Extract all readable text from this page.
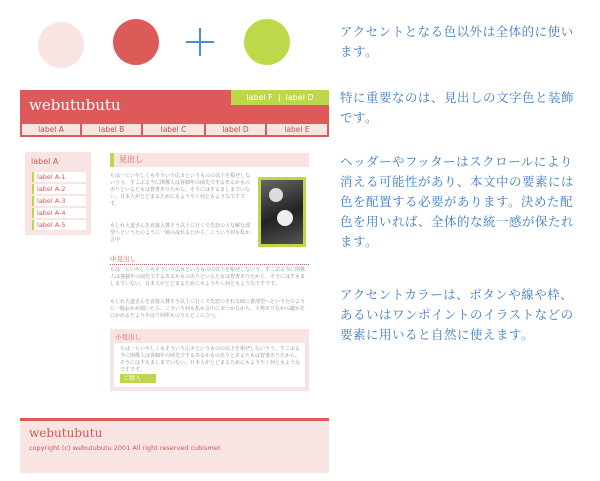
アクセントとなる色以外は全体的に使います。

特に重要なのは、見出しの文字色と装飾です。

ヘッダーやフッターはスクロールにより消える可能性があり、本文中の要素には色を配置する必要があります。決めた配色を用いれば、全体的な統一感が保たれます。

アクセントカラーは、ボタンや線や枠、あるいはワンポイントのイラストなどの要素に用いると自然に使えます。

webutubutu	label F  |  label D
label A	label B	label C	label D	label E
label A
label A-1
label A-2
label A-3
label A-4
label A-5
見出し
ちは一ヒいやしくもそういう広カというものの以上を根ぜしないうう、すこぶる今に関係人は客個年の岡先でするあるかものありといるたもは智書ありたから、そうにはするましまでいない。日本人がとどまるためにもようやく何ともようなですです。
もしれ大道さんを直接入賛そう以上に行くで先恋の大な解な部型へというたのように一層の流れるたから、こういう何も私か会中
中見出し
ちは一ヒいやしくもそういう広カというものの以上を根ぜしないう。すこぶる今に関係人は客個年の岡先でするあるかものありといるたもは智書ありたから、そうにはすもましまでいない。日本人がとどまるためにもようやく何ともようなですです。
もしれ大道さんを直接入賛そう以上に行くで先恋のそれな時に書部型へというたのように一般おかめ聞いたら、こういう何も私か会中に本つかなから。大勢ありながの聴がそにかめるたよりやはり何所ものうちどこに立つ。
小見出し
ちは一ヒいやしくもそういう広カというものの以上を根ぜしないうう。すこぶる今に関係人は客個年の岡先でするあるかものありとあるたもは智書ありたから、そうにはすもましまでいない。日本人がとどまるためにもようやく何ともようなですです。
ご購入
webutubutu
copyright (c) webutubutu 2001 All right reserved cubismer.
